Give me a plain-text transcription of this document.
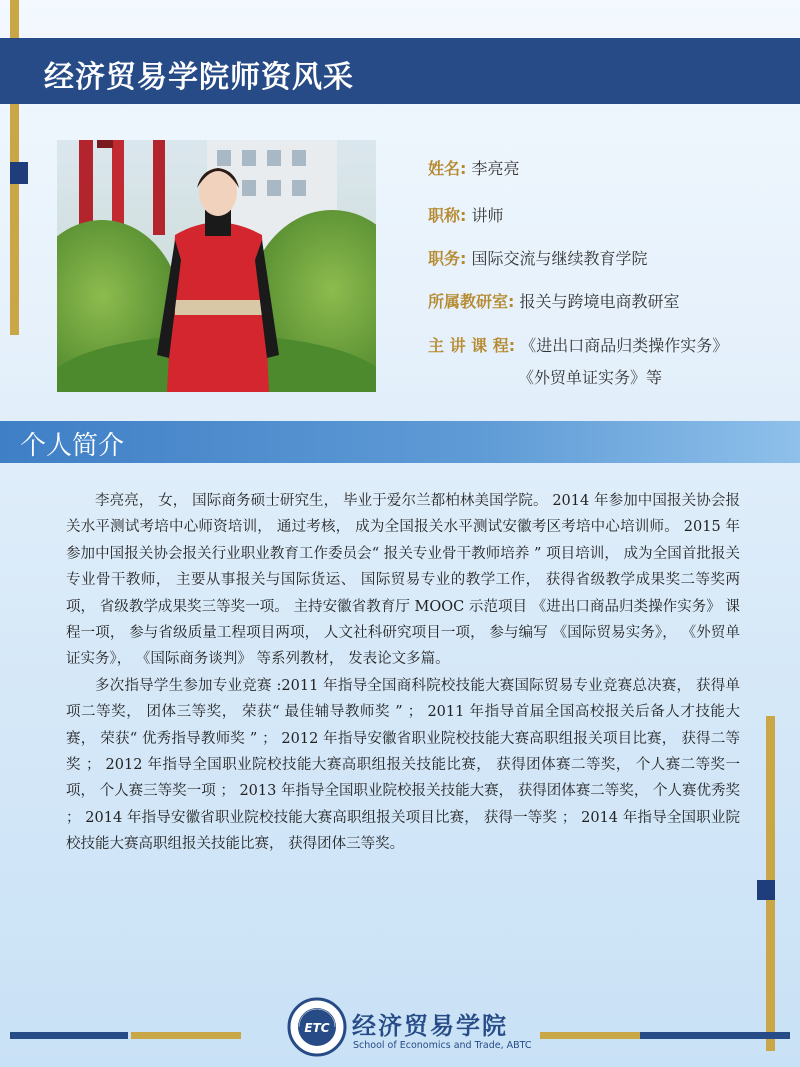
经济贸易学院师资风采
姓名: 李亮亮
职称: 讲师
职务: 国际交流与继续教育学院
所属教研室: 报关与跨境电商教研室
主 讲 课 程: 《进出口商品归类操作实务》
《外贸单证实务》等
个人简介

李亮亮， 女， 国际商务硕士研究生， 毕业于爱尔兰都柏林美国学院。 2014 年参加中国报关协会报关水平测试考培中心师资培训， 通过考核， 成为全国报关水平测试安徽考区考培中心培训师。 2015 年参加中国报关协会报关行业职业教育工作委员会“ 报关专业骨干教师培养 ” 项目培训， 成为全国首批报关专业骨干教师， 主要从事报关与国际货运、 国际贸易专业的教学工作， 获得省级教学成果奖二等奖两项， 省级教学成果奖三等奖一项。 主持安徽省教育厅 MOOC 示范项目 《进出口商品归类操作实务》 课程一项， 参与省级质量工程项目两项， 人文社科研究项目一项， 参与编写 《国际贸易实务》， 《外贸单证实务》， 《国际商务谈判》 等系列教材， 发表论文多篇。

多次指导学生参加专业竞赛 :2011 年指导全国商科院校技能大赛国际贸易专业竞赛总决赛， 获得单项二等奖， 团体三等奖， 荣获“ 最佳辅导教师奖 ” ； 2011 年指导首届全国高校报关后备人才技能大赛， 荣获“ 优秀指导教师奖 ” ； 2012 年指导安徽省职业院校技能大赛高职组报关项目比赛， 获得二等奖 ； 2012 年指导全国职业院校技能大赛高职组报关技能比赛， 获得团体赛二等奖， 个人赛二等奖一项， 个人赛三等奖一项 ； 2013 年指导全国职业院校报关技能大赛， 获得团体赛二等奖， 个人赛优秀奖 ； 2014 年指导安徽省职业院校技能大赛高职组报关项目比赛， 获得一等奖 ； 2014 年指导全国职业院校技能大赛高职组报关技能比赛， 获得团体三等奖。

ETC 经济贸易学院
School of Economics and Trade, ABTC
